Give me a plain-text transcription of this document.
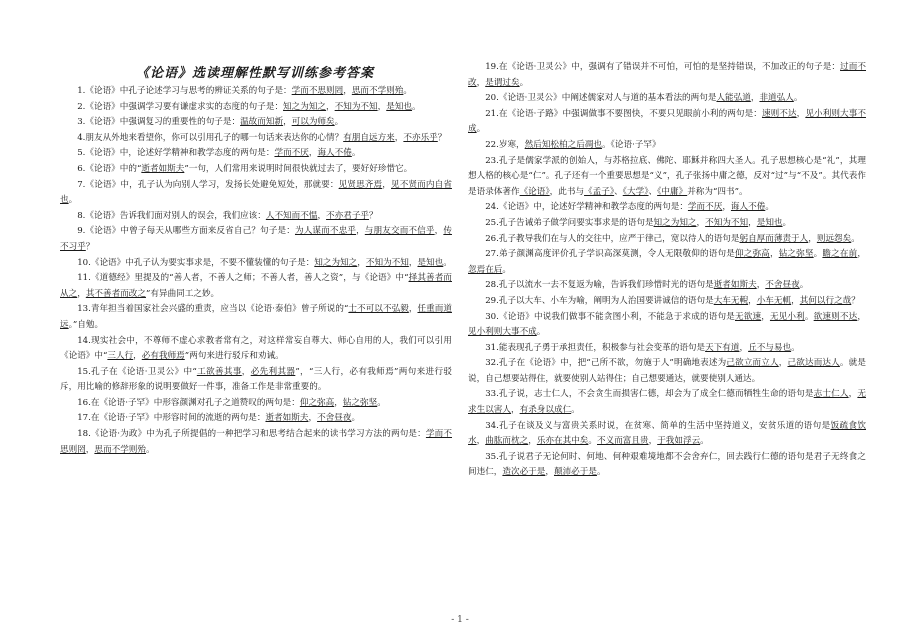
《论语》选读理解性默写训练参考答案

1.《论语》中孔子论述学习与思考的辨证关系的句子是：学而不思则罔，思而不学则殆。

2.《论语》中强调学习要有谦虚求实的态度的句子是：知之为知之，不知为不知，是知也。

3.《论语》中强调复习的重要性的句子是：温故而知新，可以为师矣。

4.朋友从外地来看望你，你可以引用孔子的哪一句话来表达你的心情？有朋自远方来，不亦乐乎？

5.《论语》中，论述好学精神和教学态度的两句是：学而不厌，诲人不倦。

6.《论语》中的“逝者如斯夫”一句，人们常用来说明时间很快就过去了，要好好珍惜它。

7.《论语》中，孔子认为向别人学习，发扬长处避免短处，那就要：见贤思齐焉，见不贤而内自省也。

8.《论语》告诉我们面对别人的误会，我们应该：人不知而不愠，不亦君子乎？

9.《论语》中曾子每天从哪些方面来反省自己？句子是：为人谋而不忠乎，与朋友交而不信乎，传不习乎？

10.《论语》中孔子认为要实事求是，不要不懂装懂的句子是：知之为知之，不知为不知，是知也。

11.《道德经》里提及的“善人者，不善人之师；不善人者，善人之资”，与《论语》中“择其善者而从之，其不善者而改之”有异曲同工之妙。

13.青年担当着国家社会兴盛的重责，应当以《论语·泰伯》曾子所说的“士不可以不弘毅，任重而道远。”自勉。

14.现实社会中，不尊师不虚心求教者常有之，对这样常妄自尊大、师心自用的人，我们可以引用《论语》中“三人行，必有我师焉”两句来进行驳斥和劝诫。

15.孔子在《论语·卫灵公》中“工欲善其事，必先利其器”，“三人行，必有我师焉”两句来进行驳斥，用比喻的修辞形象的说明要做好一件事，准备工作是非常重要的。

16.在《论语·子罕》中形容颜渊对孔子之道赞叹的两句是：仰之弥高，钻之弥坚。

17.在《论语·子罕》中形容时间的流逝的两句是：逝者如斯夫，不舍昼夜。

18.《论语·为政》中为孔子所提倡的一种把学习和思考结合起来的读书学习方法的两句是：学而不思则罔，思而不学则殆。

19.在《论语·卫灵公》中，强调有了错误并不可怕，可怕的是坚持错误，不加改正的句子是：过而不改，是谓过矣。

20.《论语·卫灵公》中阐述儒家对人与道的基本看法的两句是人能弘道，非道弘人。

21.在《论语·子路》中强调做事不要图快，不要只见眼前小利的两句是：速则不达，见小利则大事不成。

22.岁寒，然后知松柏之后凋也。《论语·子罕》

23.孔子是儒家学派的创始人，与苏格拉底、佛陀、耶稣并称四大圣人。孔子思想核心是“礼”，其理想人格的核心是“仁”。孔子还有一个重要思想是“义”，孔子张扬中庸之德，反对“过”与“不及”。其代表作是语录体著作《论语》，此书与《孟子》、《大学》、《中庸》并称为“四书”。

24.《论语》中，论述好学精神和教学态度的两句是：学而不厌，诲人不倦。

25.孔子告诫弟子做学问要实事求是的语句是知之为知之，不知为不知，是知也。

26.孔子教导我们在与人的交往中，应严于律己，宽以待人的语句是躬自厚而薄责于人，则远怨矣。

27.弟子颜渊高度评价孔子学识高深莫测，令人无限敬仰的语句是仰之弥高，钻之弥坚。瞻之在前，忽焉在后。

28.孔子以流水一去不复返为喻，告诉我们珍惜时光的语句是逝者如斯夫，不舍昼夜。

29.孔子以大车、小车为喻，阐明为人治国要讲诚信的语句是大车无輗，小车无軏，其何以行之哉？

30.《论语》中说我们做事不能贪图小利，不能急于求成的语句是无欲速，无见小利。欲速则不达，见小利则大事不成。

31.能表现孔子勇于承担责任，积极参与社会变革的语句是天下有道，丘不与易也。

32.孔子在《论语》中，把“己所不欲，勿施于人”明确地表述为己欲立而立人，己欲达而达人。就是说，自己想要站得住，就要使别人站得住；自己想要通达，就要使别人通达。

33.孔子说，志士仁人，不会贪生而损害仁德，却会为了成全仁德而牺牲生命的语句是志士仁人，无求生以害人，有杀身以成仁。

34.孔子在谈及义与富贵关系时说，在贫寒、简单的生活中坚持道义，安贫乐道的语句是饭疏食饮水，曲肱而枕之，乐亦在其中矣。不义而富且贵，于我如浮云。

35.孔子说君子无论何时、何地、何种艰难境地都不会舍弃仁，回去践行仁德的语句是君子无终食之间违仁，造次必于是，颠沛必于是。

- 1 -
